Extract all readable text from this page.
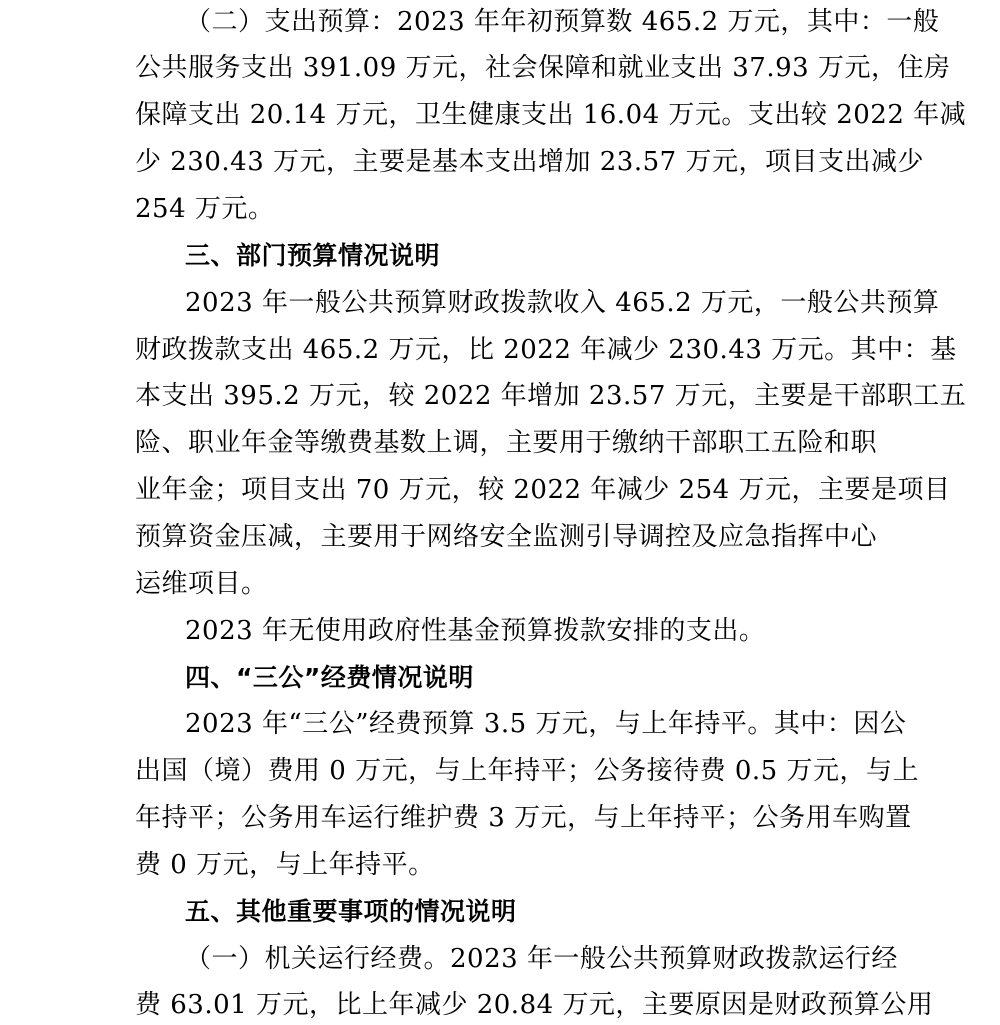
（二）支出预算：2023 年年初预算数 465.2 万元，其中：一般
公共服务支出 391.09 万元，社会保障和就业支出 37.93 万元，住房
保障支出 20.14 万元，卫生健康支出 16.04 万元。支出较 2022 年减
少 230.43 万元，主要是基本支出增加 23.57 万元，项目支出减少
254 万元。
三、部门预算情况说明
2023 年一般公共预算财政拨款收入 465.2 万元，一般公共预算
财政拨款支出 465.2 万元，比 2022 年减少 230.43 万元。其中：基
本支出 395.2 万元，较 2022 年增加 23.57 万元，主要是干部职工五
险、职业年金等缴费基数上调，主要用于缴纳干部职工五险和职
业年金；项目支出 70 万元，较 2022 年减少 254 万元，主要是项目
预算资金压减，主要用于网络安全监测引导调控及应急指挥中心
运维项目。
2023 年无使用政府性基金预算拨款安排的支出。
四、“三公”经费情况说明
2023 年“三公”经费预算 3.5 万元，与上年持平。其中：因公
出国（境）费用 0 万元，与上年持平；公务接待费 0.5 万元，与上
年持平；公务用车运行维护费 3 万元，与上年持平；公务用车购置
费 0 万元，与上年持平。
五、其他重要事项的情况说明
（一）机关运行经费。2023 年一般公共预算财政拨款运行经
费 63.01 万元，比上年减少 20.84 万元，主要原因是财政预算公用
